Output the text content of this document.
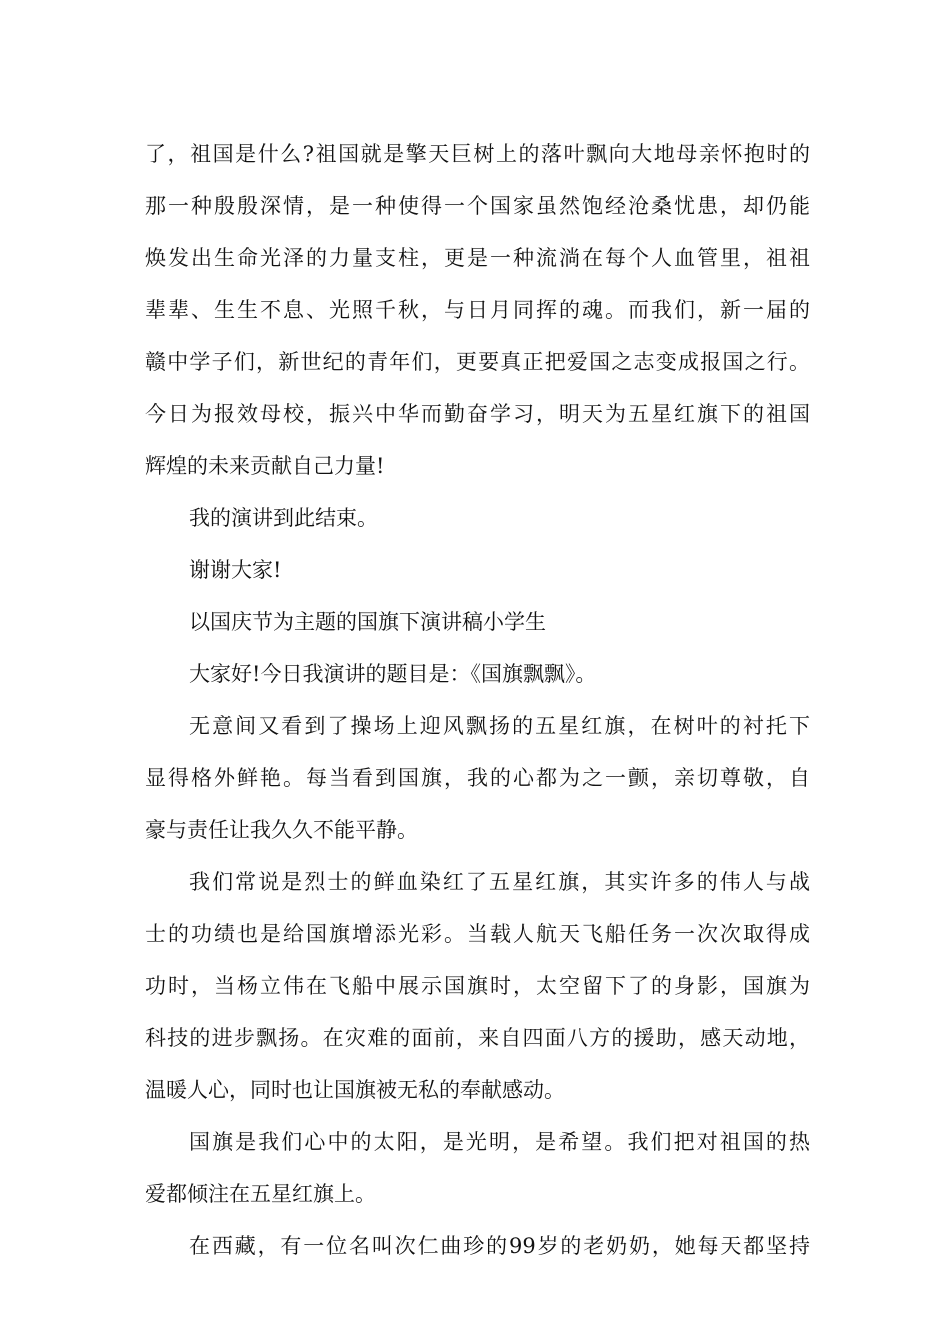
了，祖国是什么?祖国就是擎天巨树上的落叶飘向大地母亲怀抱时的
那一种殷殷深情，是一种使得一个国家虽然饱经沧桑忧患，却仍能
焕发出生命光泽的力量支柱，更是一种流淌在每个人血管里，祖祖
辈辈、生生不息、光照千秋，与日月同挥的魂。而我们，新一届的
赣中学子们，新世纪的青年们，更要真正把爱国之志变成报国之行。
今日为报效母校，振兴中华而勤奋学习，明天为五星红旗下的祖国
辉煌的未来贡献自己力量!
我的演讲到此结束。
谢谢大家!
以国庆节为主题的国旗下演讲稿小学生
大家好!今日我演讲的题目是：《国旗飘飘》。
无意间又看到了操场上迎风飘扬的五星红旗，在树叶的衬托下
显得格外鲜艳。每当看到国旗，我的心都为之一颤，亲切尊敬，自
豪与责任让我久久不能平静。
我们常说是烈士的鲜血染红了五星红旗，其实许多的伟人与战
士的功绩也是给国旗增添光彩。当载人航天飞船任务一次次取得成
功时，当杨立伟在飞船中展示国旗时，太空留下了的身影，国旗为
科技的进步飘扬。在灾难的面前，来自四面八方的援助，感天动地，
温暖人心，同时也让国旗被无私的奉献感动。
国旗是我们心中的太阳，是光明，是希望。我们把对祖国的热
爱都倾注在五星红旗上。
在西藏，有一位名叫次仁曲珍的99岁的老奶奶，她每天都坚持
